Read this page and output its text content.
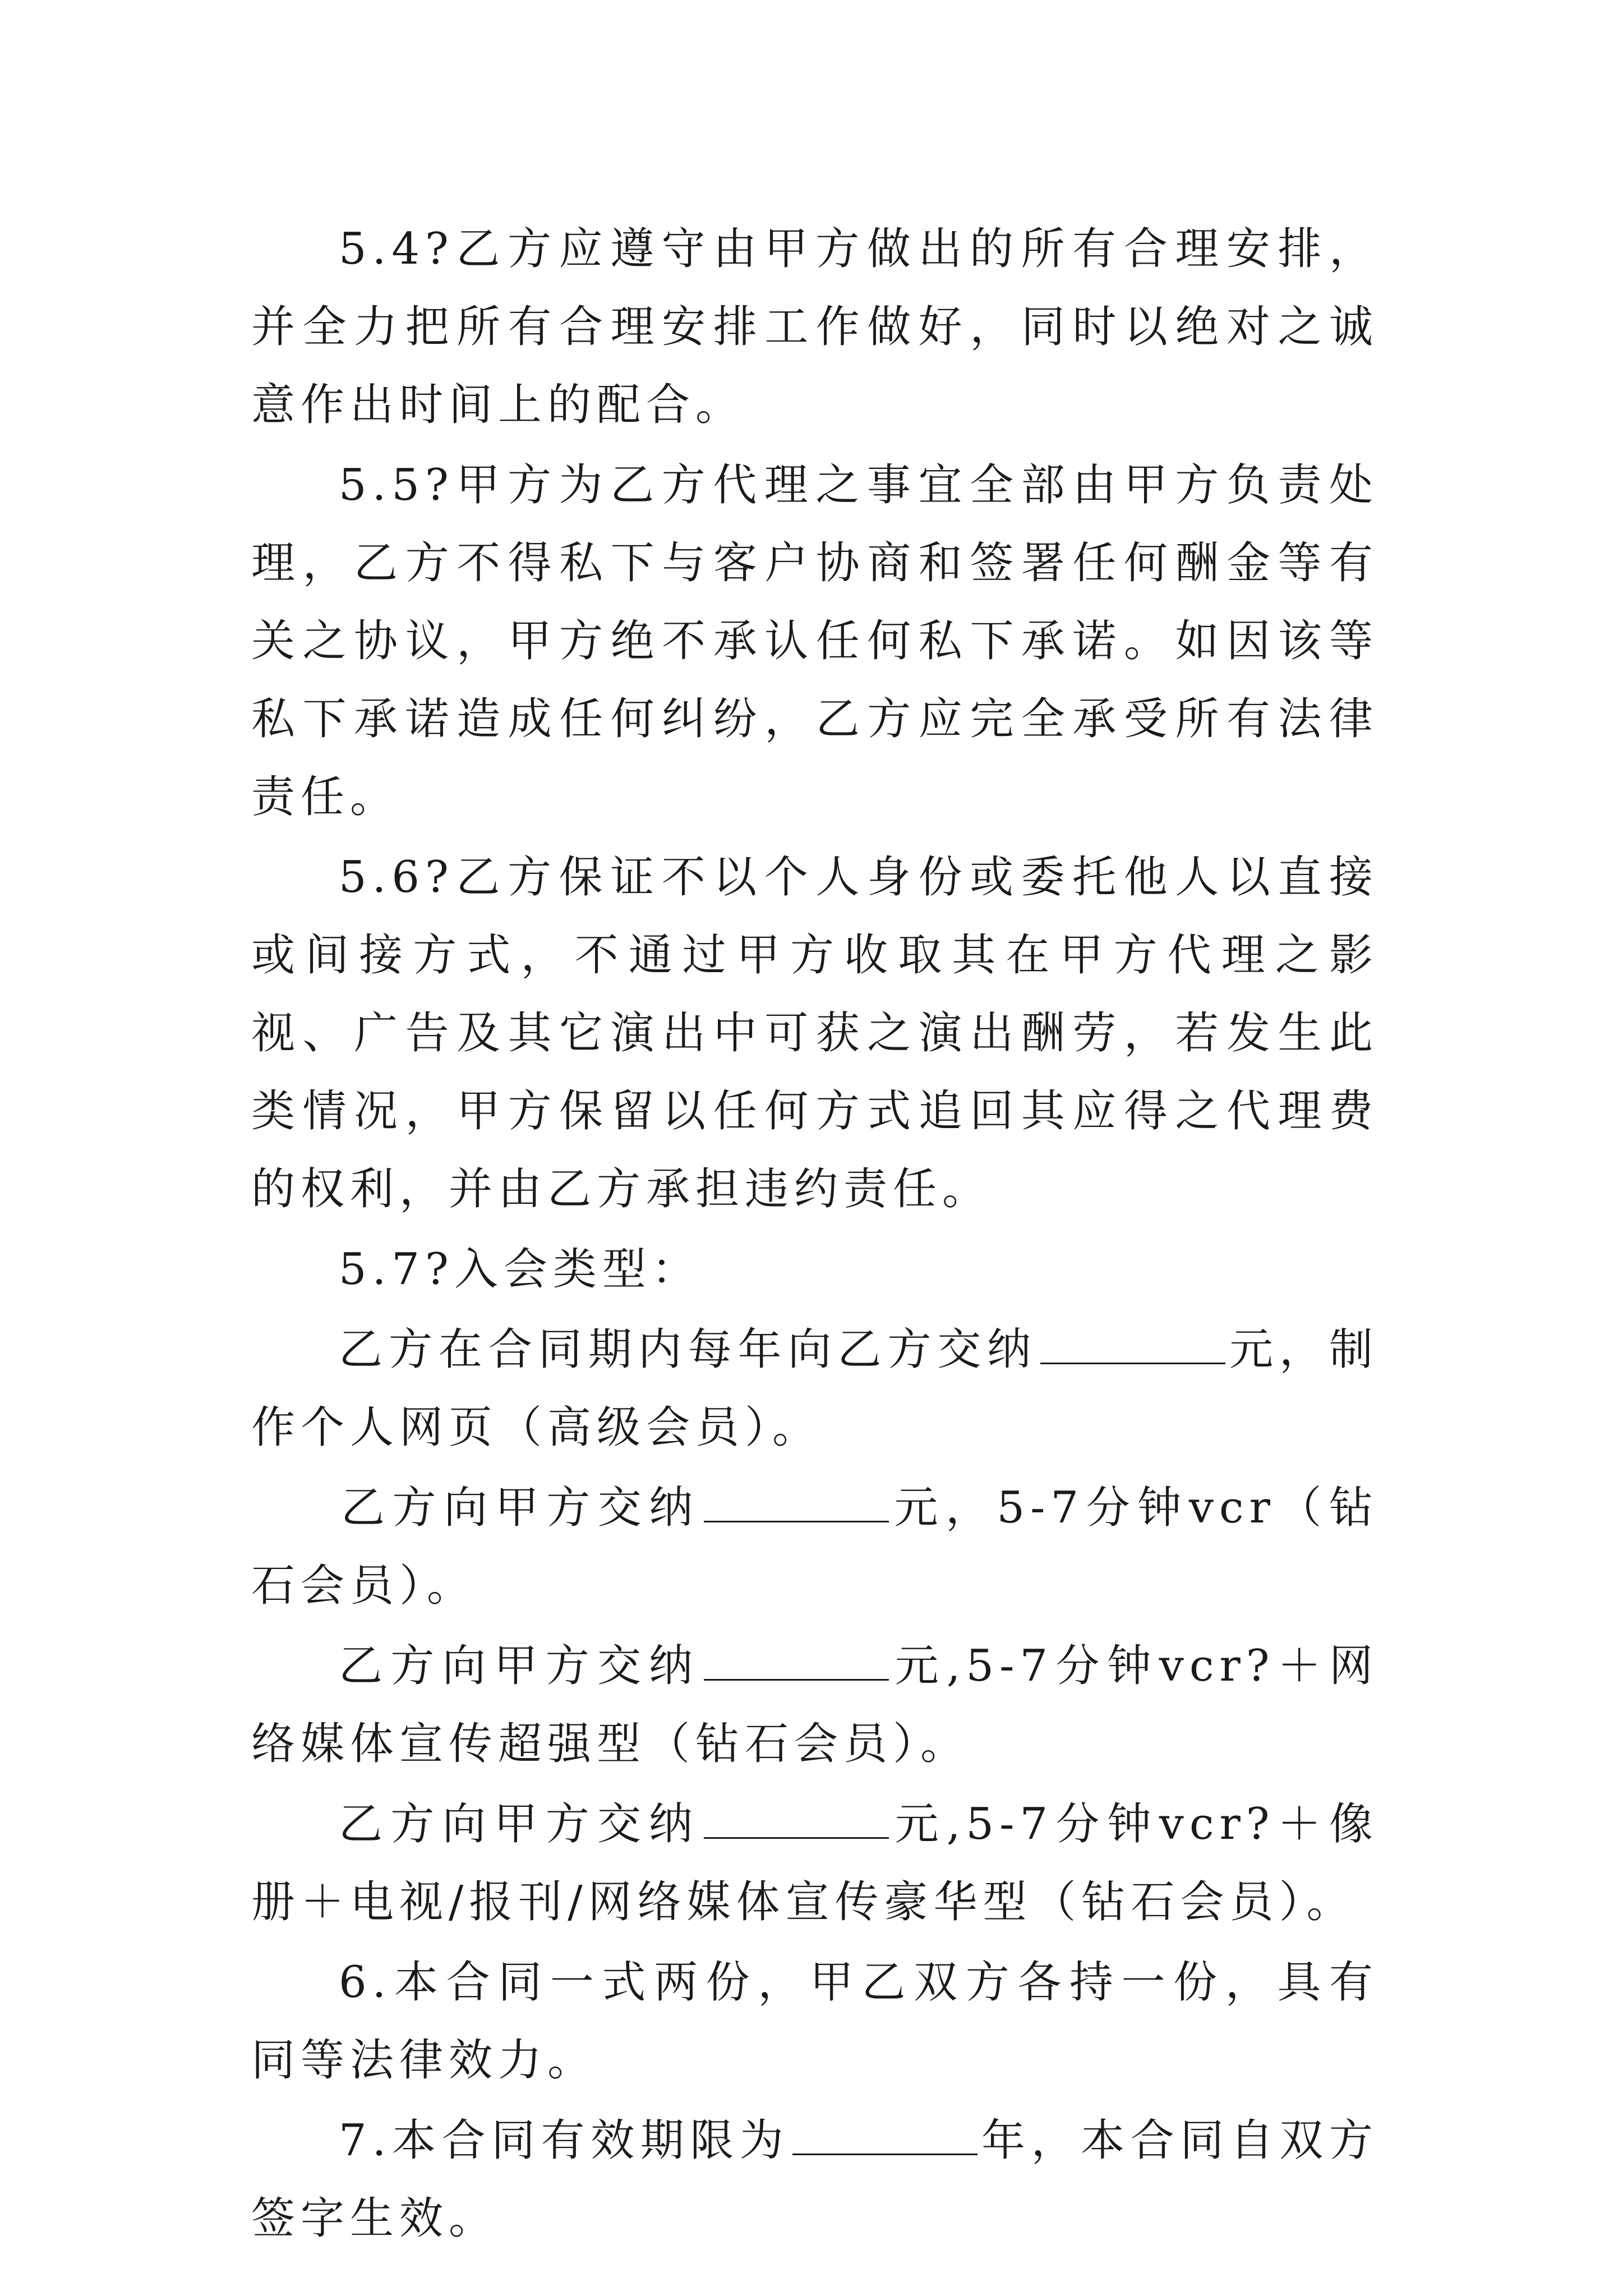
5.4?乙方应遵守由甲方做出的所有合理安排，并全力把所有合理安排工作做好，同时以绝对之诚意作出时间上的配合。

5.5?甲方为乙方代理之事宜全部由甲方负责处理，乙方不得私下与客户协商和签署任何酬金等有关之协议，甲方绝不承认任何私下承诺。如因该等私下承诺造成任何纠纷，乙方应完全承受所有法律责任。

5.6?乙方保证不以个人身份或委托他人以直接或间接方式，不通过甲方收取其在甲方代理之影视、广告及其它演出中可获之演出酬劳，若发生此类情况，甲方保留以任何方式追回其应得之代理费的权利，并由乙方承担违约责任。

5.7?入会类型：

乙方在合同期内每年向乙方交纳	元，制作个人网页（高级会员）。

乙方向甲方交纳	元，5-7分钟vcr（钻石会员）。

乙方向甲方交纳	元,5-7分钟vcr?＋网络媒体宣传超强型（钻石会员）。

乙方向甲方交纳	元,5-7分钟vcr?＋像册＋电视/报刊/网络媒体宣传豪华型（钻石会员）。

6.本合同一式两份，甲乙双方各持一份，具有同等法律效力。

7.本合同有效期限为	年，本合同自双方签字生效。
